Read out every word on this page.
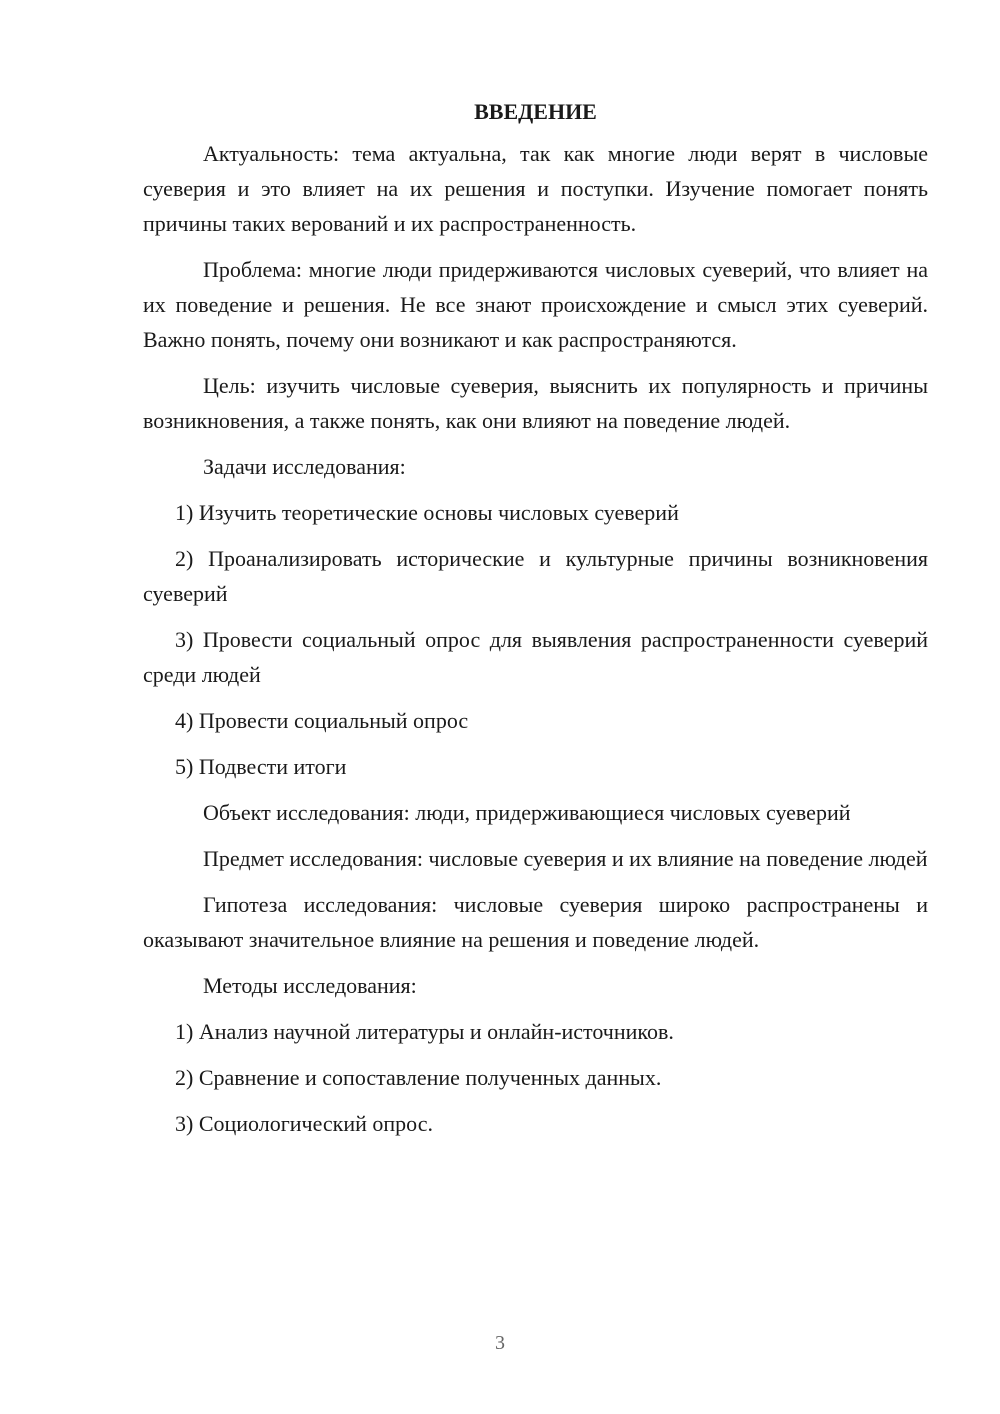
ВВЕДЕНИЕ

Актуальность: тема актуальна, так как многие люди верят в числовые суеверия и это влияет на их решения и поступки. Изучение помогает понять причины таких верований и их распространенность.

Проблема: многие люди придерживаются числовых суеверий, что влияет на их поведение и решения. Не все знают происхождение и смысл этих суеверий. Важно понять, почему они возникают и как распространяются.

Цель: изучить числовые суеверия, выяснить их популярность и причины возникновения, а также понять, как они влияют на поведение людей.

Задачи исследования:

1) Изучить теоретические основы числовых суеверий

2) Проанализировать исторические и культурные причины возникновения суеверий

3) Провести социальный опрос для выявления распространенности суеверий среди людей

4) Провести социальный опрос

5) Подвести итоги

Объект исследования: люди, придерживающиеся числовых суеверий

Предмет исследования: числовые суеверия и их влияние на поведение людей

Гипотеза исследования: числовые суеверия широко распространены и оказывают значительное влияние на решения и поведение людей.

Методы исследования:

1) Анализ научной литературы и онлайн-источников.

2) Сравнение и сопоставление полученных данных.

3) Социологический опрос.

3
